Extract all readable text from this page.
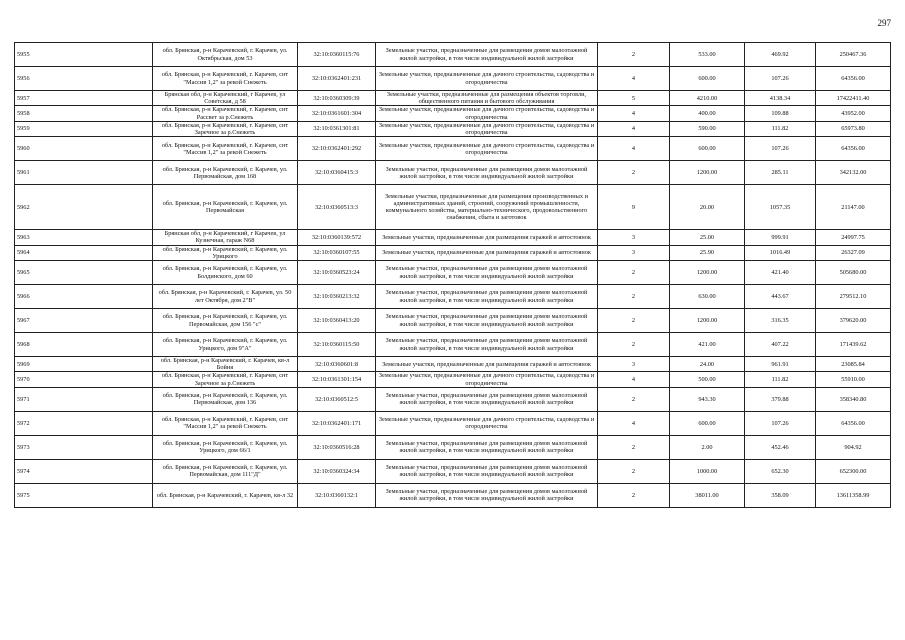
297
5955	обл. Брянская, р-н Карачевский, г. Карачев, ул. Октябрьская, дом 53	32:10:0360115:76	Земельные участки, предназначенные для размещения домов малоэтажной жилой застройки, в том числе индивидуальной жилой застройки	2	533.00	469.92	250467.36
5956	обл. Брянская, р-н Карачевский, г. Карачев, снт "Массив 1,2" за рекой Снежеть	32:10:0362401:231	Земельные участки, предназначенные для дачного строительства, садоводства и огородничества	4	600.00	107.26	64356.00
5957	Брянская обл, р-н Карачевский, г Карачев, ул Советская, д 58	32:10:0360309:39	Земельные участки, предназначенные для размещения объектов торговли, общественного питания и бытового обслуживания	5	4210.00	4138.34	17422411.40
5958	обл. Брянская, р-н Карачевский, г. Карачев, снт Рассвет за р.Снежеть	32:10:0361601:304	Земельные участки, предназначенные для дачного строительства, садоводства и огородничества	4	400.00	109.88	43952.00
5959	обл. Брянская, р-н Карачевский, г. Карачев, снт Заречное за р.Снежеть	32:10:0361301:81	Земельные участки, предназначенные для дачного строительства, садоводства и огородничества	4	590.00	111.82	65973.80
5960	обл. Брянская, р-н Карачевский, г. Карачев, снт "Массив 1,2" за рекой Снежеть	32:10:0362401:292	Земельные участки, предназначенные для дачного строительства, садоводства и огородничества	4	600.00	107.26	64356.00
5961	обл. Брянская, р-н Карачевский, г. Карачев, ул. Первомайская, дом 168	32:10:0360415:3	Земельные участки, предназначенные для размещения домов малоэтажной жилой застройки, в том числе индивидуальной жилой застройки	2	1200.00	285.11	342132.00
5962	обл. Брянская, р-н Карачевский, г. Карачев, ул. Первомайская	32:10:0360513:3	Земельные участки, предназначенные для размещения производственных и административных зданий, строений, сооружений промышленности, коммунального хозяйства, материально-технического, продовольственного снабжения, сбыта и заготовок	9	20.00	1057.35	21147.00
5963	Брянская обл, р-н Карачевский, г Карачев, ул Кузнечная, гараж N68	32:10:0360139:572	Земельные участки, предназначенные для размещения гаражей и автостоянок	3	25.00	999.91	24997.75
5964	обл. Брянская, р-н Карачевский, г. Карачев, ул. Урицкого	32:10:0360107:55	Земельные участки, предназначенные для размещения гаражей и автостоянок	3	25.90	1016.49	26327.09
5965	обл. Брянская, р-н Карачевский, г. Карачев, ул. Болдинского, дом 60	32:10:0360523:24	Земельные участки, предназначенные для размещения домов малоэтажной жилой застройки, в том числе индивидуальной жилой застройки	2	1200.00	421.40	505680.00
5966	обл. Брянская, р-н Карачевский, г. Карачев, ул. 50 лет Октября, дом 2"В"	32:10:0360213:32	Земельные участки, предназначенные для размещения домов малоэтажной жилой застройки, в том числе индивидуальной жилой застройки	2	630.00	443.67	279512.10
5967	обл. Брянская, р-н Карачевский, г. Карачев, ул. Первомайская, дом 156 "с"	32:10:0360413:20	Земельные участки, предназначенные для размещения домов малоэтажной жилой застройки, в том числе индивидуальной жилой застройки	2	1200.00	316.35	379620.00
5968	обл. Брянская, р-н Карачевский, г. Карачев, ул. Урицкого, дом 9"А"	32:10:0360115:50	Земельные участки, предназначенные для размещения домов малоэтажной жилой застройки, в том числе индивидуальной жилой застройки	2	421.00	407.22	171439.62
5969	обл. Брянская, р-н Карачевский, г. Карачев, кв-л Бойня	32:10:0360601:8	Земельные участки, предназначенные для размещения гаражей и автостоянок	3	24.00	961.91	23085.84
5970	обл. Брянская, р-н Карачевский, г. Карачев, снт Заречное за р.Снежеть	32:10:0361301:154	Земельные участки, предназначенные для дачного строительства, садоводства и огородничества	4	500.00	111.82	55910.00
5971	обл. Брянская, р-н Карачевский, г. Карачев, ул. Первомайская, дом 136	32:10:0360512:5	Земельные участки, предназначенные для размещения домов малоэтажной жилой застройки, в том числе индивидуальной жилой застройки	2	943.30	379.88	358340.80
5972	обл. Брянская, р-н Карачевский, г. Карачев, снт "Массив 1,2" за рекой Снежеть	32:10:0362401:171	Земельные участки, предназначенные для дачного строительства, садоводства и огородничества	4	600.00	107.26	64356.00
5973	обл. Брянская, р-н Карачевский, г. Карачев, ул. Урицкого, дом 66/1	32:10:0360516:28	Земельные участки, предназначенные для размещения домов малоэтажной жилой застройки, в том числе индивидуальной жилой застройки	2	2.00	452.46	904.92
5974	обл. Брянская, р-н Карачевский, г. Карачев, ул. Первомайская, дом 111"Д"	32:10:0360324:34	Земельные участки, предназначенные для размещения домов малоэтажной жилой застройки, в том числе индивидуальной жилой застройки	2	1000.00	652.30	652300.00
5975	обл. Брянская, р-н Карачевский, г. Карачев, кв-л 32	32:10:0360132:1	Земельные участки, предназначенные для размещения домов малоэтажной жилой застройки, в том числе индивидуальной жилой застройки	2	38011.00	358.09	13611358.99
